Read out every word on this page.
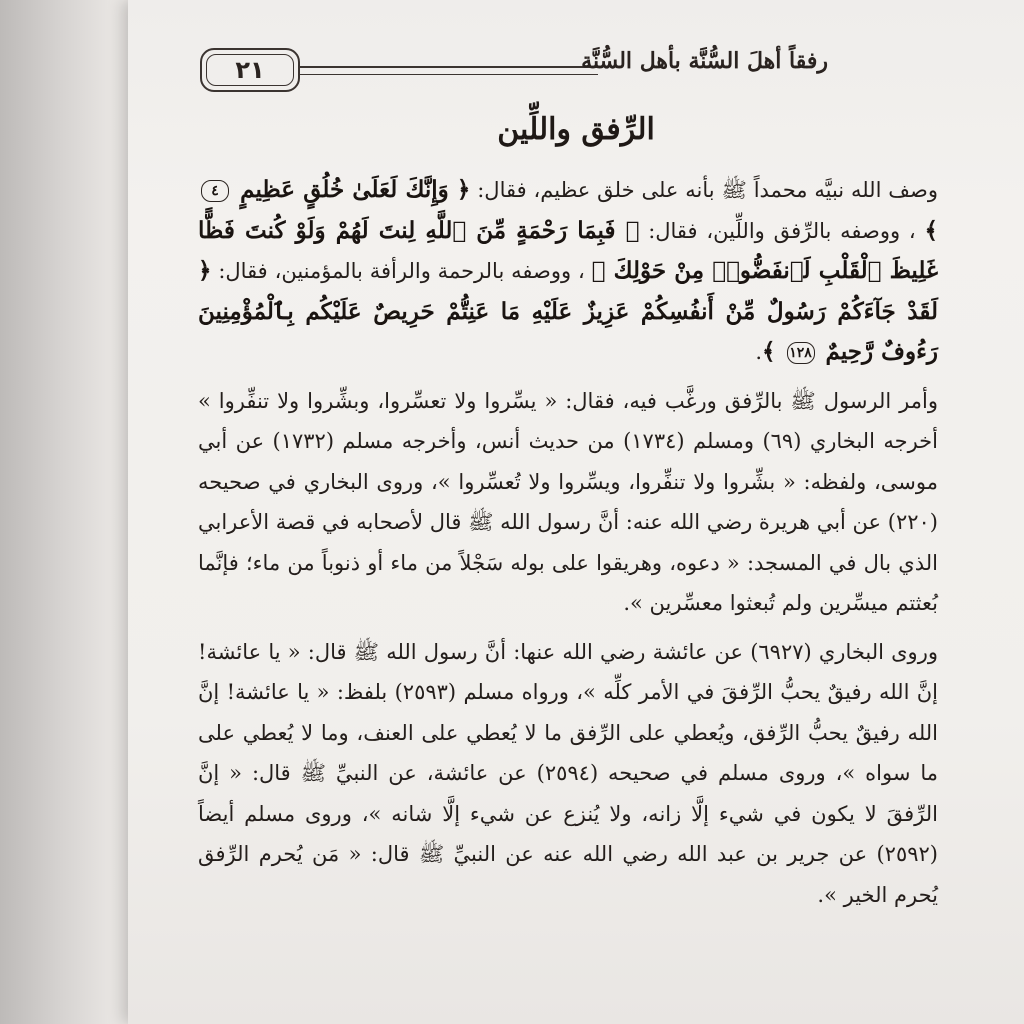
٢١	رفقاً أهلَ السُّنَّة بأهل السُّنَّة
الرِّفق واللِّين

وصف الله نبيَّه محمداً ﷺ بأنه على خلق عظيم، فقال: ﴿ وَإِنَّكَ لَعَلَىٰ خُلُقٍ عَظِيمٍ ٤ ﴾ ، ووصفه بالرِّفق واللِّين، فقال: ﴿ فَبِمَا رَحْمَةٍ مِّنَ ٱللَّهِ لِنتَ لَهُمْ وَلَوْ كُنتَ فَظًّا غَلِيظَ ٱلْقَلْبِ لَٱنفَضُّوا۟ مِنْ حَوْلِكَ ﴾ ، ووصفه بالرحمة والرأفة بالمؤمنين، فقال: ﴿ لَقَدْ جَآءَكُمْ رَسُولٌ مِّنْ أَنفُسِكُمْ عَزِيزٌ عَلَيْهِ مَا عَنِتُّمْ حَرِيصٌ عَلَيْكُم بِٱلْمُؤْمِنِينَ رَءُوفٌ رَّحِيمٌ ١٢٨ ﴾.

وأمر الرسول ﷺ بالرِّفق ورغَّب فيه، فقال: « يسِّروا ولا تعسِّروا، وبشِّروا ولا تنفِّروا » أخرجه البخاري (٦٩) ومسلم (١٧٣٤) من حديث أنس، وأخرجه مسلم (١٧٣٢) عن أبي موسى، ولفظه: « بشِّروا ولا تنفِّروا، ويسِّروا ولا تُعسِّروا »، وروى البخاري في صحيحه (٢٢٠) عن أبي هريرة رضي الله عنه: أنَّ رسول الله ﷺ قال لأصحابه في قصة الأعرابي الذي بال في المسجد: « دعوه، وهريقوا على بوله سَجْلاً من ماء أو ذنوباً من ماء؛ فإنَّما بُعثتم ميسِّرين ولم تُبعثوا معسِّرين ».

وروى البخاري (٦٩٢٧) عن عائشة رضي الله عنها: أنَّ رسول الله ﷺ قال: « يا عائشة! إنَّ الله رفيقٌ يحبُّ الرِّفقَ في الأمر كلِّه »، ورواه مسلم (٢٥٩٣) بلفظ: « يا عائشة! إنَّ الله رفيقٌ يحبُّ الرِّفق، ويُعطي على الرِّفق ما لا يُعطي على العنف، وما لا يُعطي على ما سواه »، وروى مسلم في صحيحه (٢٥٩٤) عن عائشة، عن النبيِّ ﷺ قال: « إنَّ الرِّفقَ لا يكون في شيء إلَّا زانه، ولا يُنزع عن شيء إلَّا شانه »، وروى مسلم أيضاً (٢٥٩٢) عن جرير بن عبد الله رضي الله عنه عن النبيِّ ﷺ قال: « مَن يُحرم الرِّفق يُحرم الخير ».
